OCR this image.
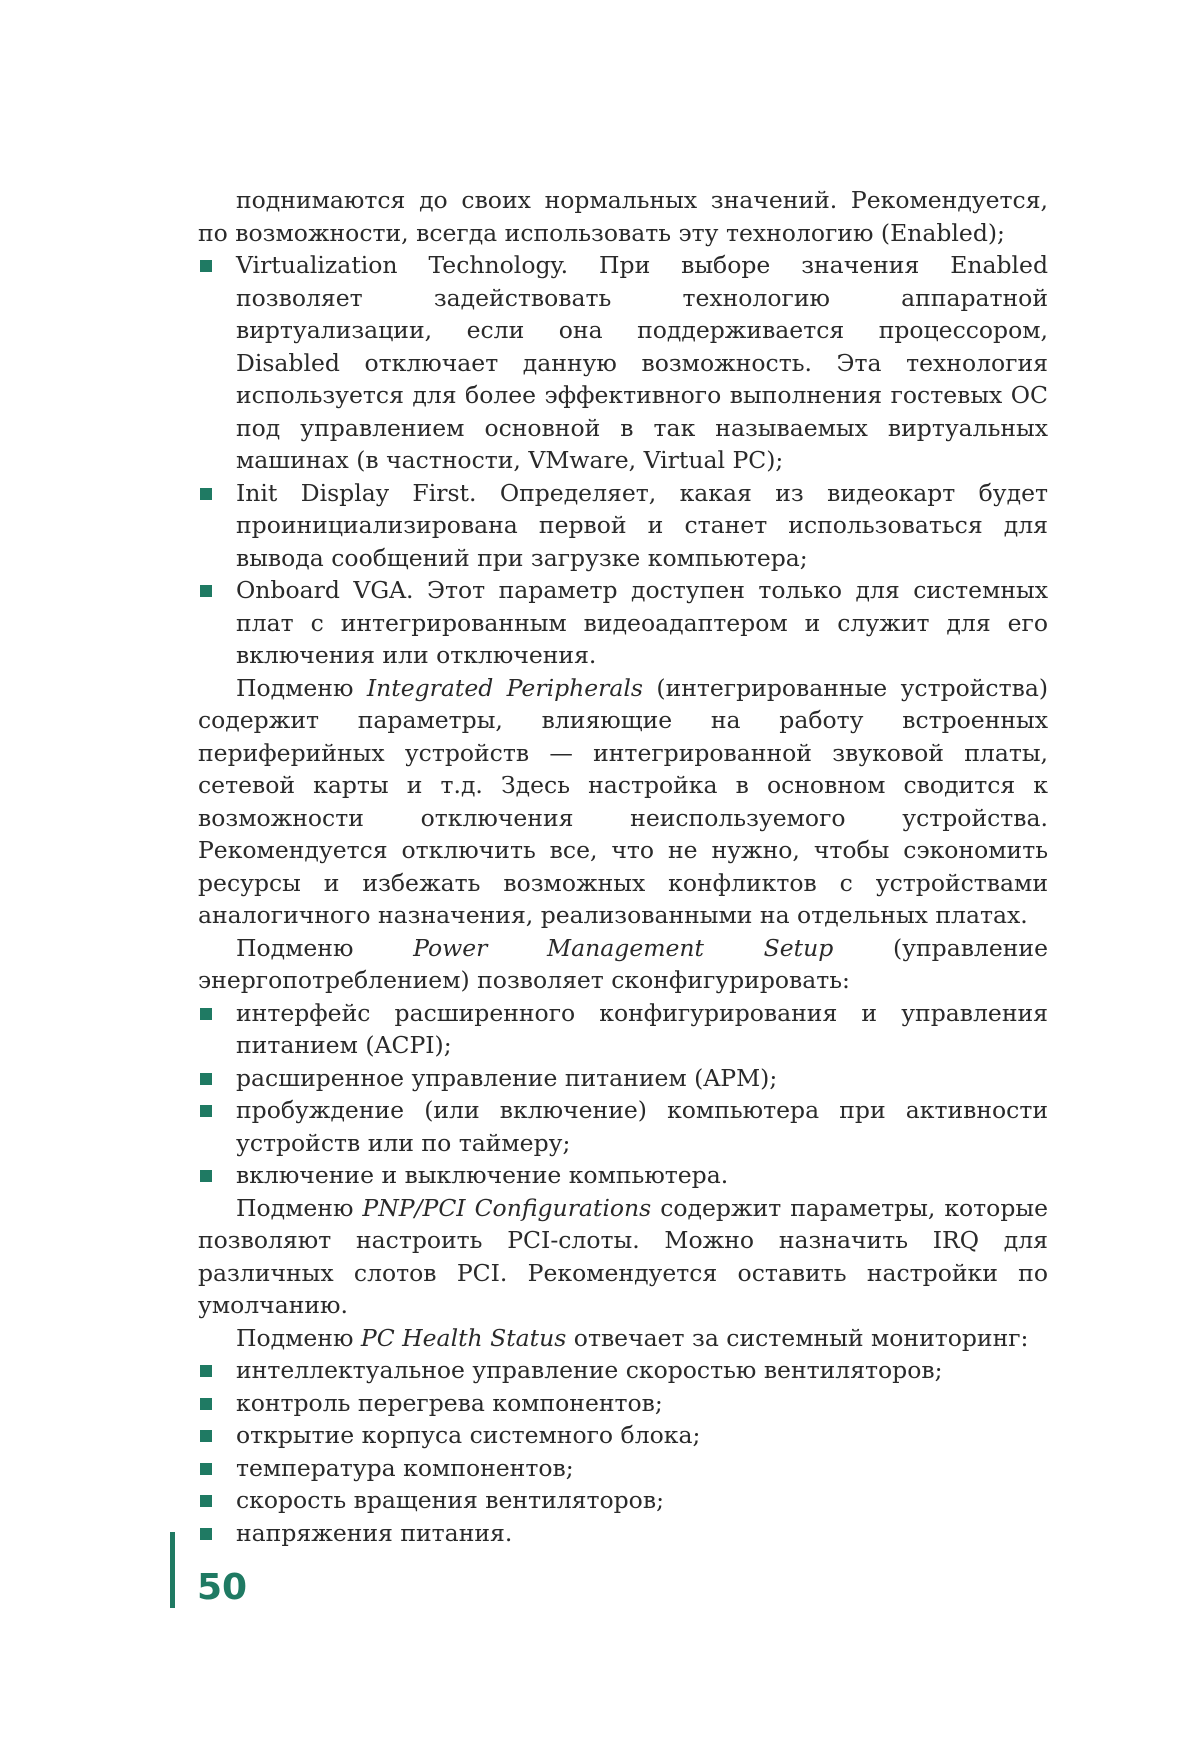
поднимаются до своих нормальных значений. Рекомендуется, по возможности, всегда использовать эту технологию (Enabled);

Virtualization Technology. При выборе значения Enabled позволяет задействовать технологию аппаратной виртуализации, если она поддерживается процессором, Disabled отключает данную возможность. Эта технология используется для более эффективного выполнения гостевых ОС под управлением основной в так называемых виртуальных машинах (в частности, VMware, Virtual PC);
Init Display First. Определяет, какая из видеокарт будет проинициализирована первой и станет использоваться для вывода сообщений при загрузке компьютера;
Onboard VGA. Этот параметр доступен только для системных плат с интегрированным видеоадаптером и служит для его включения или отключения.

Подменю Integrated Peripherals (интегрированные устройства) содержит параметры, влияющие на работу встроенных периферийных устройств — интегрированной звуковой платы, сетевой карты и т.д. Здесь настройка в основном сводится к возможности отключения неиспользуемого устройства. Рекомендуется отключить все, что не нужно, чтобы сэкономить ресурсы и избежать возможных конфликтов с устройствами аналогичного назначения, реализованными на отдельных платах.

Подменю Power Management Setup (управление энергопотреблением) позволяет сконфигурировать:

интерфейс расширенного конфигурирования и управления питанием (ACPI);
расширенное управление питанием (APM);
пробуждение (или включение) компьютера при активности устройств или по таймеру;
включение и выключение компьютера.

Подменю PNP/PCI Configurations содержит параметры, которые позволяют настроить PCI-слоты. Можно назначить IRQ для различных слотов PCI. Рекомендуется оставить настройки по умолчанию.

Подменю PC Health Status отвечает за системный мониторинг:

интеллектуальное управление скоростью вентиляторов;
контроль перегрева компонентов;
открытие корпуса системного блока;
температура компонентов;
скорость вращения вентиляторов;
напряжения питания.
50
